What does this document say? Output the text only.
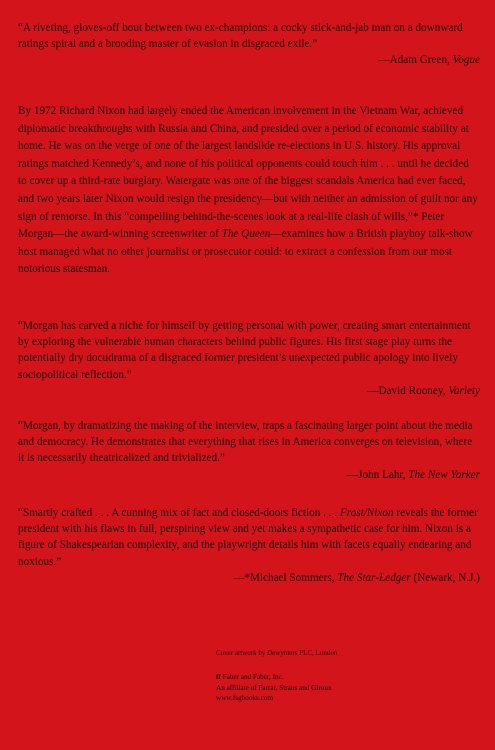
“A riveting, gloves-off bout between two ex-champions: a cocky stick-and-jab man on a downward ratings spiral and a brooding master of evasion in disgraced exile.”

—Adam Green, Vogue

By 1972 Richard Nixon had largely ended the American involvement in the Vietnam War, achieved diplomatic breakthroughs with Russia and China, and presided over a period of economic stability at home. He was on the verge of one of the largest landslide re-elections in U.S. history. His approval ratings matched Kennedy’s, and none of his political opponents could touch him . . . until he decided to cover up a third-rate burglary. Watergate was one of the biggest scandals America had ever faced, and two years later Nixon would resign the presidency—but with neither an admission of guilt nor any sign of remorse. In this “compelling behind-the-scenes look at a real-life clash of wills,”* Peter Morgan—the award-winning screenwriter of The Queen—examines how a British playboy talk-show host managed what no other journalist or prosecutor could: to extract a confession from our most notorious statesman.

“Morgan has carved a niche for himself by getting personal with power, creating smart entertainment by exploring the vulnerable human characters behind public figures. His first stage play turns the potentially dry docudrama of a disgraced former president’s unexpected public apology into lively sociopolitical reflection.”

—David Rooney, Variety

“Morgan, by dramatizing the making of the interview, traps a fascinating larger point about the media and democracy. He demonstrates that everything that rises in America converges on television, where it is necessarily theatricalized and trivialized.”

—John Lahr, The New Yorker

“Smartly crafted . . . A cunning mix of fact and closed-doors fiction . . . Frost/Nixon reveals the former president with his flaws in full, perspiring view and yet makes a sympathetic case for him. Nixon is a figure of Shakespearian complexity, and the playwright details him with facets equally endearing and noxious.”

—*Michael Sommers, The Star-Ledger (Newark, N.J.)

Cover artwork by Dewynters PLC, London

ff Faber and Faber, Inc.

An affiliate of Farrar, Straus and Giroux

www.fsgbooks.com
